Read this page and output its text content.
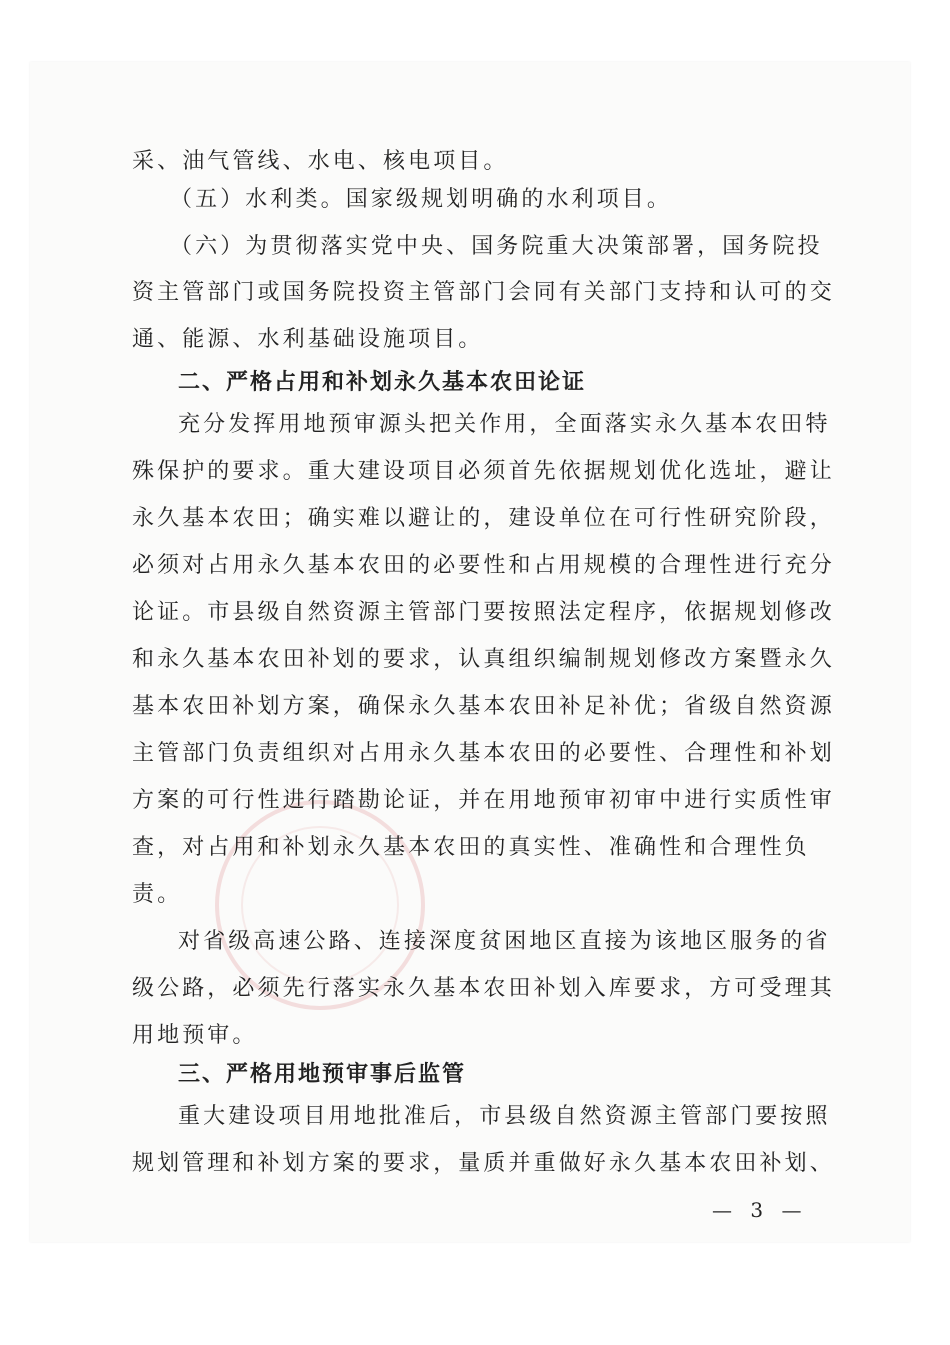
采、油气管线、水电、核电项目。

（五）水利类。国家级规划明确的水利项目。

（六）为贯彻落实党中央、国务院重大决策部署，国务院投

资主管部门或国务院投资主管部门会同有关部门支持和认可的交

通、能源、水利基础设施项目。

二、严格占用和补划永久基本农田论证

充分发挥用地预审源头把关作用，全面落实永久基本农田特

殊保护的要求。重大建设项目必须首先依据规划优化选址，避让

永久基本农田；确实难以避让的，建设单位在可行性研究阶段，

必须对占用永久基本农田的必要性和占用规模的合理性进行充分

论证。市县级自然资源主管部门要按照法定程序，依据规划修改

和永久基本农田补划的要求，认真组织编制规划修改方案暨永久

基本农田补划方案，确保永久基本农田补足补优；省级自然资源

主管部门负责组织对占用永久基本农田的必要性、合理性和补划

方案的可行性进行踏勘论证，并在用地预审初审中进行实质性审

查，对占用和补划永久基本农田的真实性、准确性和合理性负

责。

对省级高速公路、连接深度贫困地区直接为该地区服务的省

级公路，必须先行落实永久基本农田补划入库要求，方可受理其

用地预审。

三、严格用地预审事后监管

重大建设项目用地批准后，市县级自然资源主管部门要按照

规划管理和补划方案的要求，量质并重做好永久基本农田补划、

— 3 —
